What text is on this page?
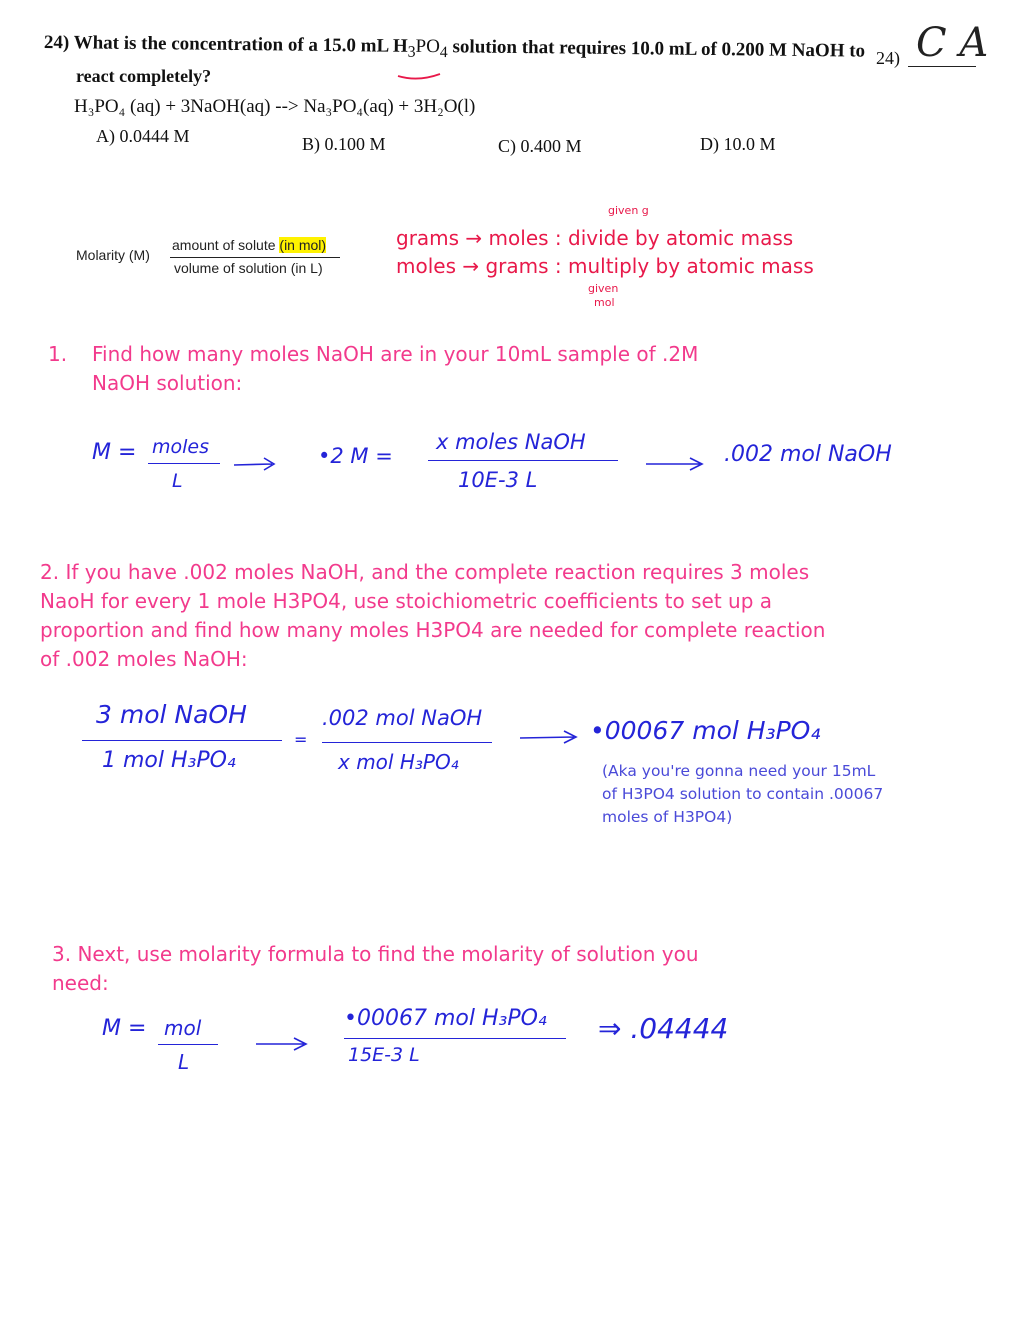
24) What is the concentration of a 15.0 mL $H_3PO_4$ solution that requires 10.0 mL of 0.200 M NaOH to
react completely?
H₃PO₄ (aq) + 3NaOH(aq) --> Na₃PO₄(aq) + 3H₂O(l)
A) 0.0444 M	B) 0.100 M	C) 0.400 M	D) 10.0 M
24) C A
Molarity (M)
amount of solute (in mol)
volume of solution (in L)
given g
grams → moles : divide by atomic mass
moles → grams : multiply by atomic mass
given
mol
1. Find how many moles NaOH are in your 10mL sample of .2M
NaOH solution:
M = moles
L
•2 M =
x moles NaOH
10E-3 L
.002 mol NaOH
2. If you have .002 moles NaOH, and the complete reaction requires 3 moles
NaoH for every 1 mole H3PO4, use stoichiometric coefficients to set up a
proportion and find how many moles H3PO4 are needed for complete reaction
of .002 moles NaOH:
3 mol NaOH
1 mol H₃PO₄
=
.002 mol NaOH
x mol H₃PO₄
•00067 mol H₃PO₄
(Aka you're gonna need your 15mL
of H3PO4 solution to contain .00067
moles of H3PO4)
3. Next, use molarity formula to find the molarity of solution you
need:
M = mol
L
•00067 mol H₃PO₄
15E-3 L
⇒ .04444
